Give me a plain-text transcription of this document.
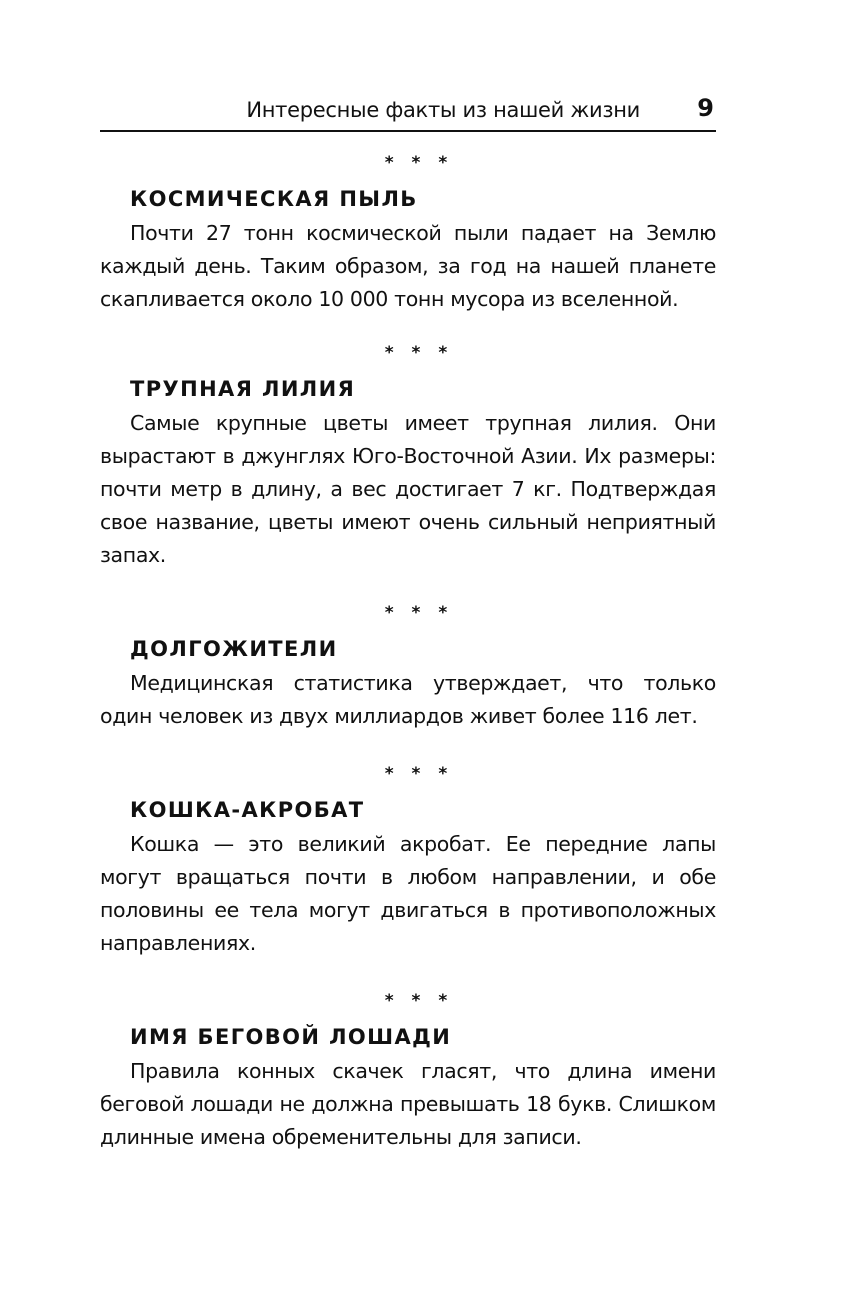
Интересные факты из нашей жизни 9
* * *
КОСМИЧЕСКАЯ ПЫЛЬ
Почти 27 тонн космической пыли падает на Землю каждый день. Таким образом, за год на нашей планете скапливается около 10 000 тонн мусора из вселенной.
* * *
ТРУПНАЯ ЛИЛИЯ
Самые крупные цветы имеет трупная лилия. Они вырастают в джунглях Юго-Восточной Азии. Их размеры: почти метр в длину, а вес достигает 7 кг. Подтверждая свое название, цветы имеют очень сильный неприятный запах.
* * *
ДОЛГОЖИТЕЛИ
Медицинская статистика утверждает, что только один человек из двух миллиардов живет более 116 лет.
* * *
КОШКА-АКРОБАТ
Кошка — это великий акробат. Ее передние лапы могут вращаться почти в любом направлении, и обе половины ее тела могут двигаться в противоположных направлениях.
* * *
ИМЯ БЕГОВОЙ ЛОШАДИ
Правила конных скачек гласят, что длина имени беговой лошади не должна превышать 18 букв. Слишком длинные имена обременительны для записи.
